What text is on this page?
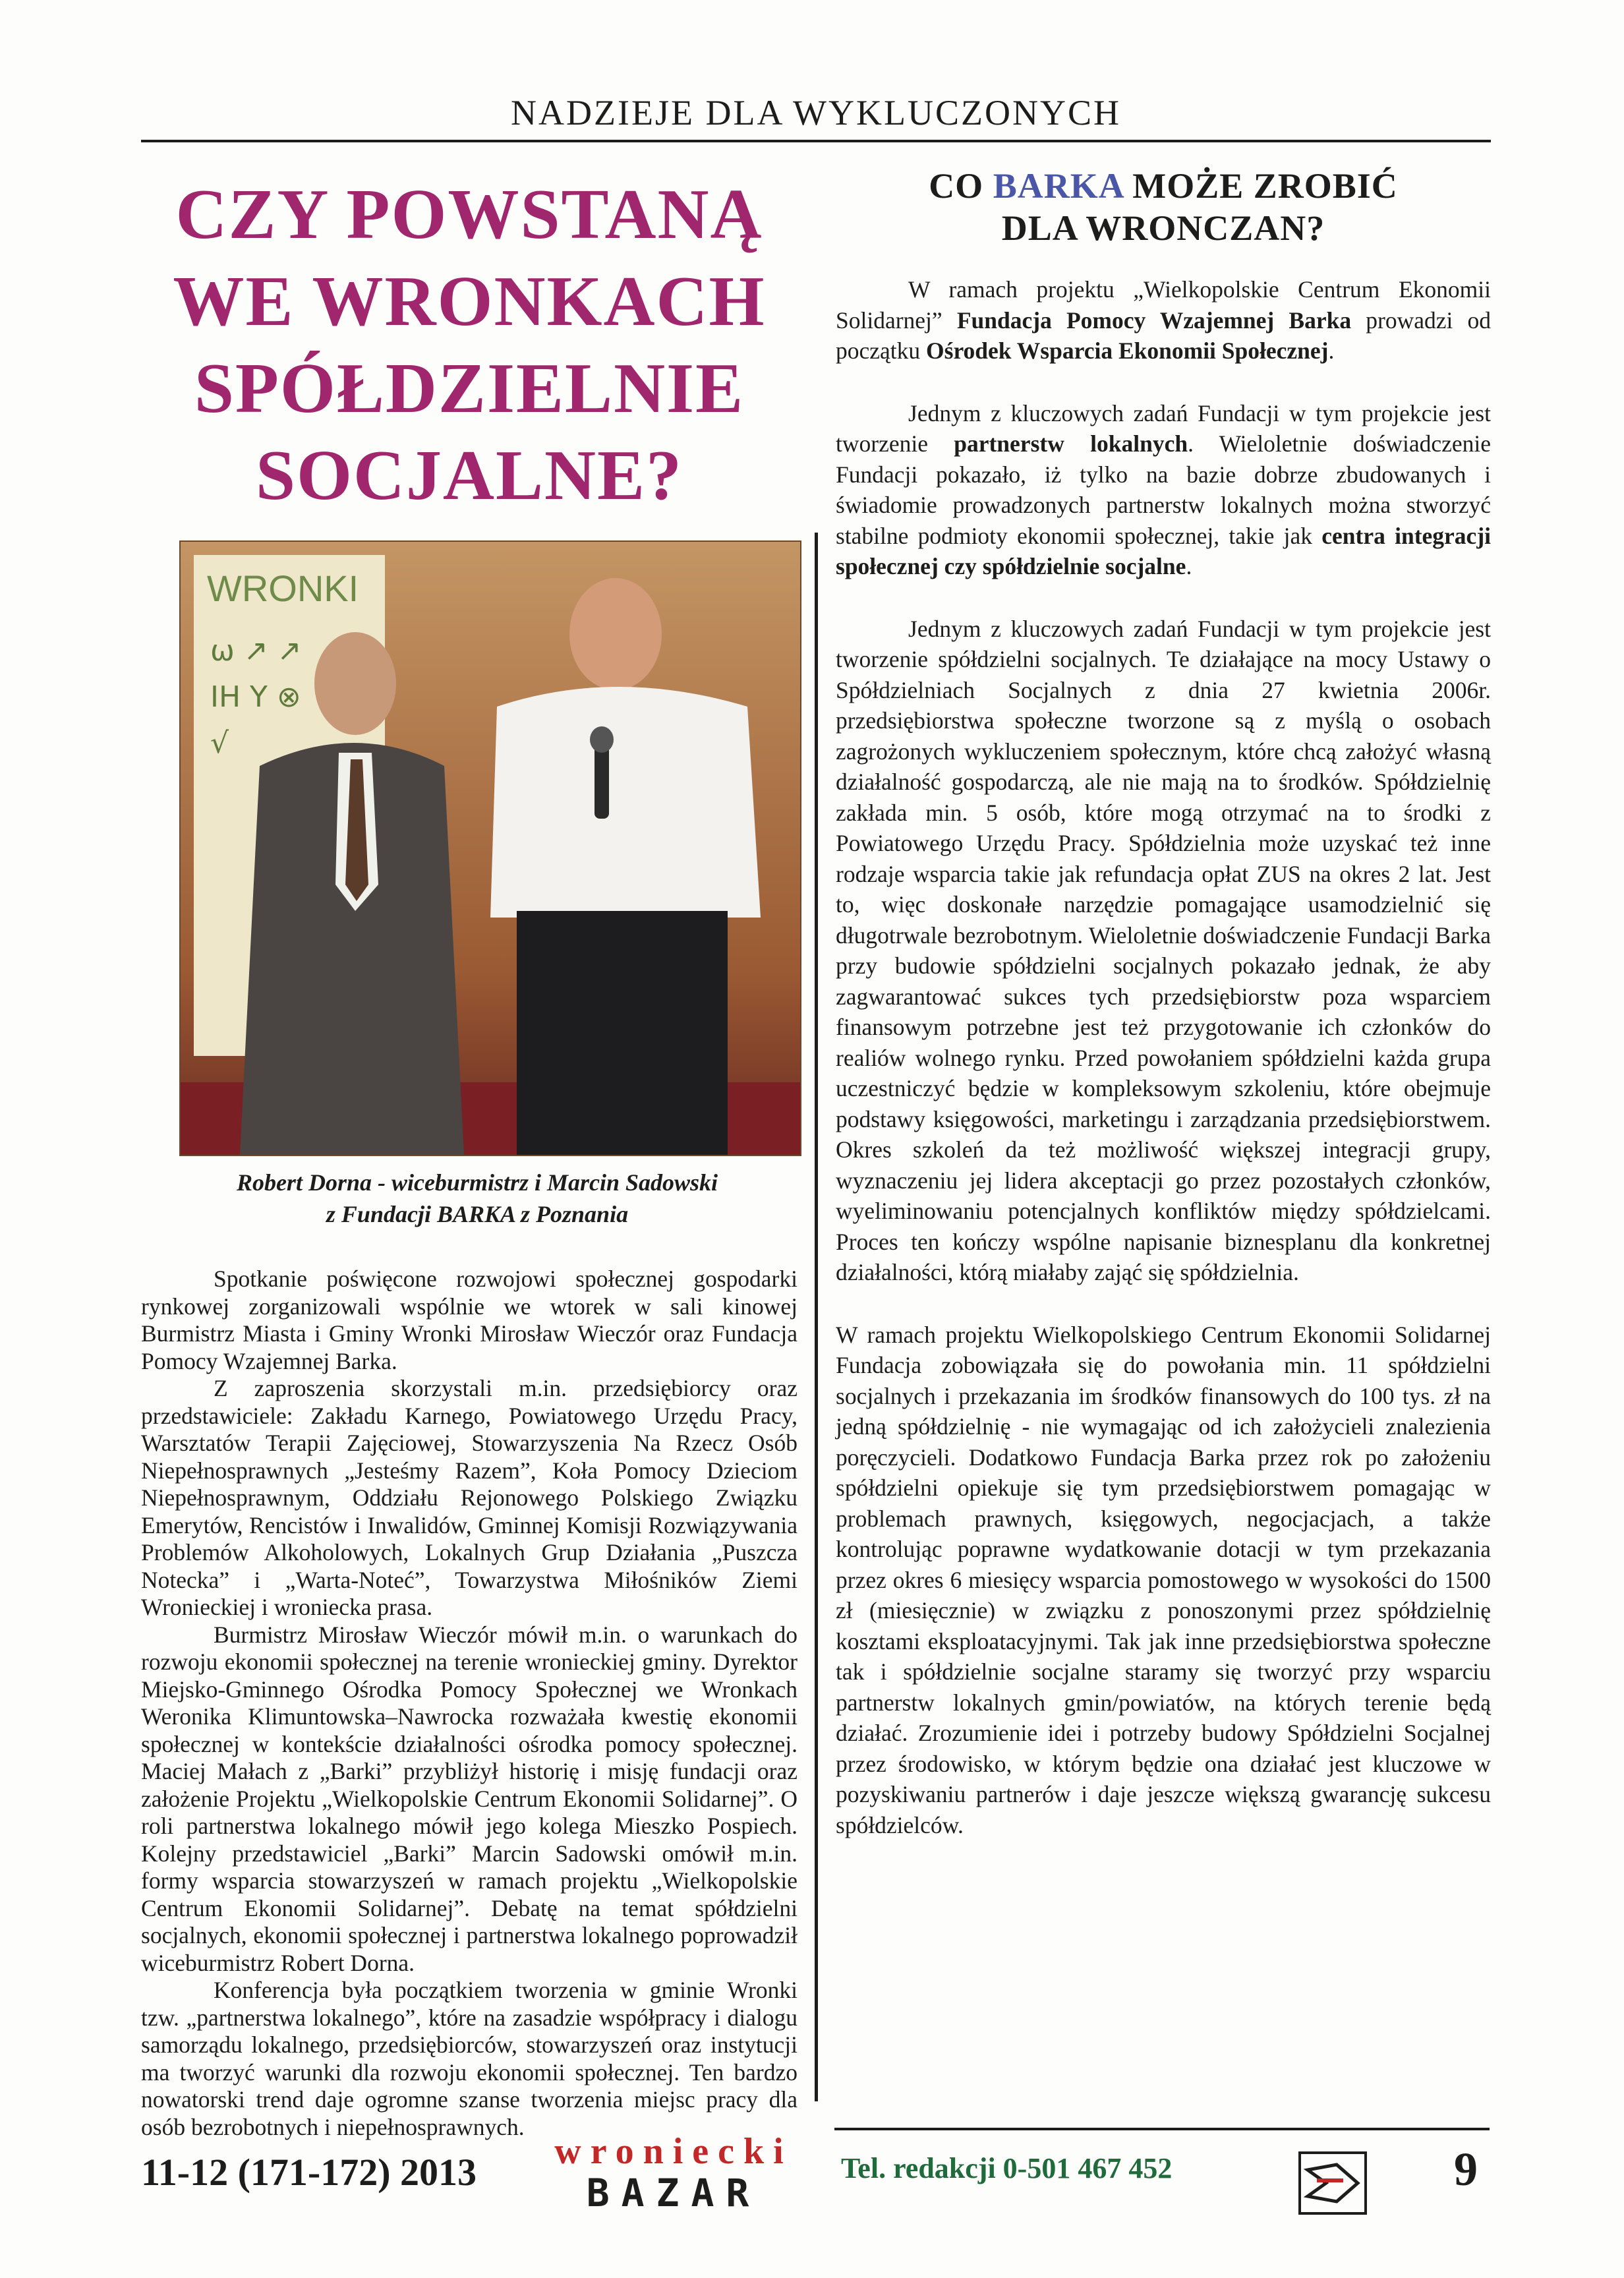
NADZIEJE DLA WYKLUCZONYCH
CZY POWSTANĄ
WE WRONKACH
SPÓŁDZIELNIE
SOCJALNE?
WRONKI
ω ↗ ↗
IH Y ⊗
√
Robert Dorna - wiceburmistrz i Marcin Sadowski
z Fundacji BARKA z Poznania

Spotkanie poświęcone rozwojowi społecznej gospodarki rynkowej zorganizowali wspólnie we wtorek w sali kinowej Burmistrz Miasta i Gminy Wronki Mirosław Wieczór oraz Fundacja Pomocy Wzajemnej Barka.

Z zaproszenia skorzystali m.in. przedsiębiorcy oraz przedstawiciele: Zakładu Karnego, Powiatowego Urzędu Pracy, Warsztatów Terapii Zajęciowej, Stowarzyszenia Na Rzecz Osób Niepełnosprawnych „Jesteśmy Razem”, Koła Pomocy Dzieciom Niepełnosprawnym, Oddziału Rejonowego Polskiego Związku Emerytów, Rencistów i Inwalidów, Gminnej Komisji Rozwiązywania Problemów Alkoholowych, Lokalnych Grup Działania „Puszcza Notecka” i „Warta-Noteć”, Towarzystwa Miłośników Ziemi Wronieckiej i wroniecka prasa.

Burmistrz Mirosław Wieczór mówił m.in. o warunkach do rozwoju ekonomii społecznej na terenie wronieckiej gminy. Dyrektor Miejsko-Gminnego Ośrodka Pomocy Społecznej we Wronkach Weronika Klimuntowska–Nawrocka rozważała kwestię ekonomii społecznej w kontekście działalności ośrodka pomocy społecznej. Maciej Małach z „Barki” przybliżył historię i misję fundacji oraz założenie Projektu „Wielkopolskie Centrum Ekonomii Solidarnej”. O roli partnerstwa lokalnego mówił jego kolega Mieszko Pospiech. Kolejny przedstawiciel „Barki” Marcin Sadowski omówił m.in. formy wsparcia stowarzyszeń w ramach projektu „Wielkopolskie Centrum Ekonomii Solidarnej”. Debatę na temat spółdzielni socjalnych, ekonomii społecznej i partnerstwa lokalnego poprowadził wiceburmistrz Robert Dorna.

Konferencja była początkiem tworzenia w gminie Wronki tzw. „partnerstwa lokalnego”, które na zasadzie współpracy i dialogu samorządu lokalnego, przedsiębiorców, stowarzyszeń oraz instytucji ma tworzyć warunki dla rozwoju ekonomii społecznej. Ten bardzo nowatorski trend daje ogromne szanse tworzenia miejsc pracy dla osób bezrobotnych i niepełnosprawnych.

CO BARKA MOŻE ZROBIĆ
DLA WRONCZAN?

W ramach projektu „Wielkopolskie Centrum Ekonomii Solidarnej” Fundacja Pomocy Wzajemnej Barka prowadzi od początku Ośrodek Wsparcia Ekonomii Społecznej.

Jednym z kluczowych zadań Fundacji w tym projekcie jest tworzenie partnerstw lokalnych. Wieloletnie doświadczenie Fundacji pokazało, iż tylko na bazie dobrze zbudowanych i świadomie prowadzonych partnerstw lokalnych można stworzyć stabilne podmioty ekonomii społecznej, takie jak centra integracji społecznej czy spółdzielnie socjalne.

Jednym z kluczowych zadań Fundacji w tym projekcie jest tworzenie spółdzielni socjalnych. Te działające na mocy Ustawy o Spółdzielniach Socjalnych z dnia 27 kwietnia 2006r. przedsiębiorstwa społeczne tworzone są z myślą o osobach zagrożonych wykluczeniem społecznym, które chcą założyć własną działalność gospodarczą, ale nie mają na to środków. Spółdzielnię zakłada min. 5 osób, które mogą otrzymać na to środki z Powiatowego Urzędu Pracy. Spółdzielnia może uzyskać też inne rodzaje wsparcia takie jak refundacja opłat ZUS na okres 2 lat. Jest to, więc doskonałe narzędzie pomagające usamodzielnić się długotrwale bezrobotnym. Wieloletnie doświadczenie Fundacji Barka przy budowie spółdzielni socjalnych pokazało jednak, że aby zagwarantować sukces tych przedsiębiorstw poza wsparciem finansowym potrzebne jest też przygotowanie ich członków do realiów wolnego rynku. Przed powołaniem spółdzielni każda grupa uczestniczyć będzie w kompleksowym szkoleniu, które obejmuje podstawy księgowości, marketingu i zarządzania przedsiębiorstwem. Okres szkoleń da też możliwość większej integracji grupy, wyznaczeniu jej lidera akceptacji go przez pozostałych członków, wyeliminowaniu potencjalnych konfliktów między spółdzielcami. Proces ten kończy wspólne napisanie biznesplanu dla konkretnej działalności, którą miałaby zająć się spółdzielnia.

W ramach projektu Wielkopolskiego Centrum Ekonomii Solidarnej Fundacja zobowiązała się do powołania min. 11 spółdzielni socjalnych i przekazania im środków finansowych do 100 tys. zł na jedną spółdzielnię - nie wymagając od ich założycieli znalezienia poręczycieli. Dodatkowo Fundacja Barka przez rok po założeniu spółdzielni opiekuje się tym przedsiębiorstwem pomagając w problemach prawnych, księgowych, negocjacjach, a także kontrolując poprawne wydatkowanie dotacji w tym przekazania przez okres 6 miesięcy wsparcia pomostowego w wysokości do 1500 zł (miesięcznie) w związku z ponoszonymi przez spółdzielnię kosztami eksploatacyjnymi. Tak jak inne przedsiębiorstwa społeczne tak i spółdzielnie socjalne staramy się tworzyć przy wsparciu partnerstw lokalnych gmin/powiatów, na których terenie będą działać. Zrozumienie idei i potrzeby budowy Spółdzielni Socjalnej przez środowisko, w którym będzie ona działać jest kluczowe w pozyskiwaniu partnerów i daje jeszcze większą gwarancję sukcesu spółdzielców.

11-12 (171-172) 2013	wroniecki
BAZAR
Tel. redakcji 0-501 467 452	9
